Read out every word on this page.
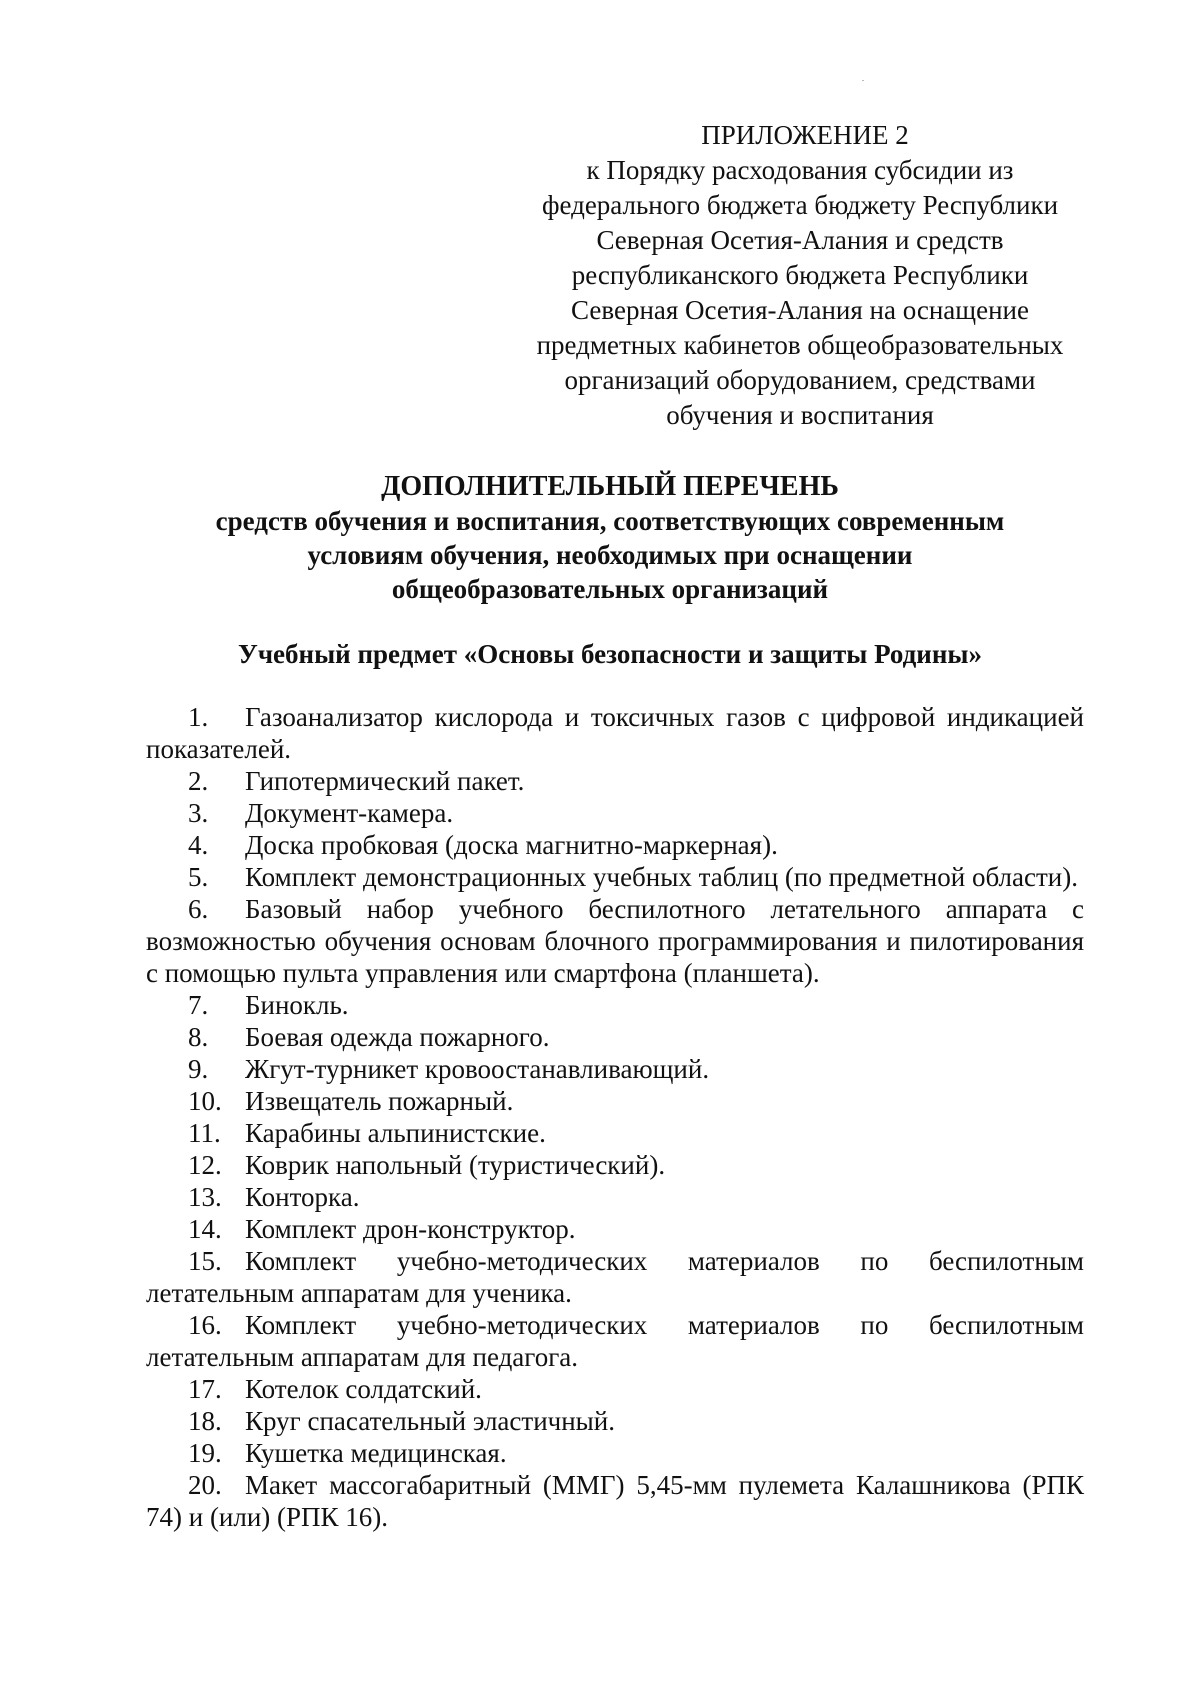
ПРИЛОЖЕНИЕ 2
к Порядку расходования субсидии из
федерального бюджета бюджету Республики
Северная Осетия-Алания и средств
республиканского бюджета Республики
Северная Осетия-Алания на оснащение
предметных кабинетов общеобразовательных
организаций оборудованием, средствами
обучения и воспитания
ДОПОЛНИТЕЛЬНЫЙ ПЕРЕЧЕНЬ
средств обучения и воспитания, соответствующих современным
условиям обучения, необходимых при оснащении
общеобразовательных организаций
Учебный предмет «Основы безопасности и защиты Родины»

1. Газоанализатор кислорода и токсичных газов с цифровой индикацией показателей.

2. Гипотермический пакет.

3. Документ-камера.

4. Доска пробковая (доска магнитно-маркерная).

5. Комплект демонстрационных учебных таблиц (по предметной области).

6. Базовый набор учебного беспилотного летательного аппарата с возможностью обучения основам блочного программирования и пилотирования с помощью пульта управления или смартфона (планшета).

7. Бинокль.

8. Боевая одежда пожарного.

9. Жгут-турникет кровоостанавливающий.

10. Извещатель пожарный.

11. Карабины альпинистские.

12. Коврик напольный (туристический).

13. Конторка.

14. Комплект дрон-конструктор.

15. Комплект учебно-методических материалов по беспилотным летательным аппаратам для ученика.

16. Комплект учебно-методических материалов по беспилотным летательным аппаратам для педагога.

17. Котелок солдатский.

18. Круг спасательный эластичный.

19. Кушетка медицинская.

20. Макет массогабаритный (ММГ) 5,45-мм пулемета Калашникова (РПК 74) и (или) (РПК 16).
